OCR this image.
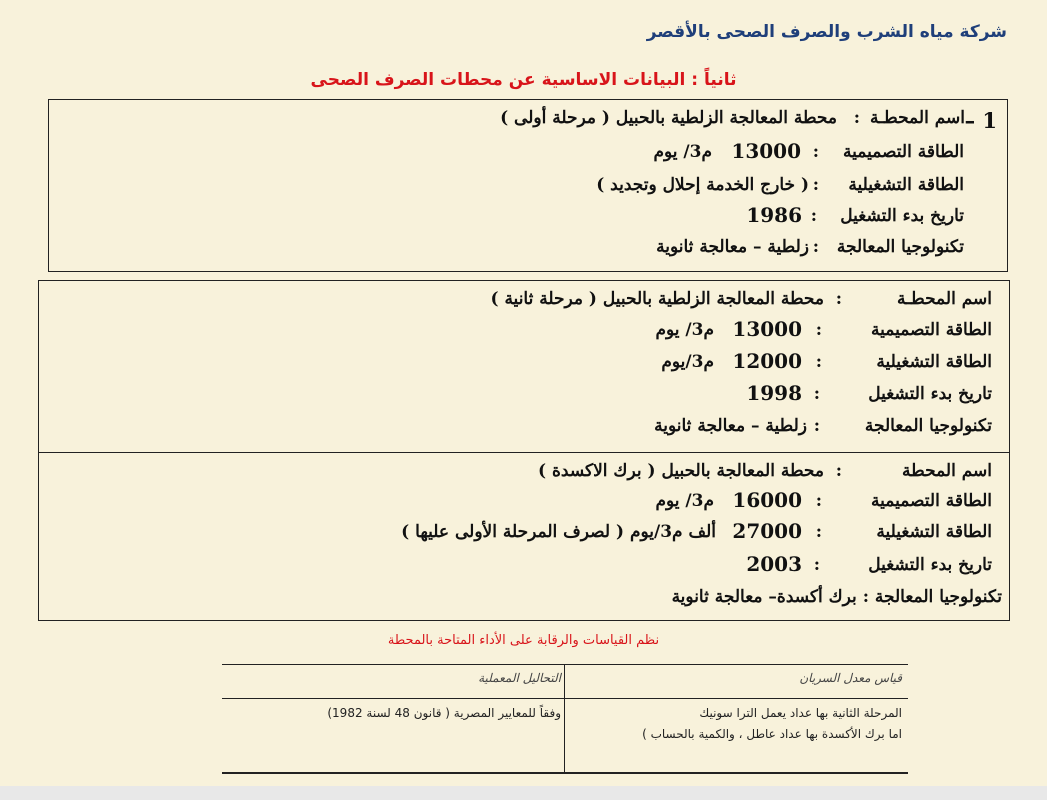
شركة مياه الشرب والصرف الصحى بالأقصر
ثانياً : البيانات الاساسية عن محطات الصرف الصحى
1 –
اسم المحطـة
:
محطة المعالجة الزلطية بالحبيل ( مرحلة أولى )
الطاقة التصميمية
:
13000
م3/ يوم
الطاقة التشغيلية
:
( خارج الخدمة إحلال وتجديد )
تاريخ بدء التشغيل
:
1986
تكنولوجيا المعالجة
:
زلطية – معالجة ثانوية
اسم المحطـة
:
محطة المعالجة الزلطية بالحبيل ( مرحلة ثانية )
الطاقة التصميمية
:
13000
م3/ يوم
الطاقة التشغيلية
:
12000
م3/يوم
تاريخ بدء التشغيل
:
1998
تكنولوجيا المعالجة
:
زلطية – معالجة ثانوية
اسم المحطة
:
محطة المعالجة بالحبيل ( برك الاكسدة )
الطاقة التصميمية
:
16000
م3/ يوم
الطاقة التشغيلية
:
27000
ألف م3/يوم ( لصرف المرحلة الأولى عليها )
تاريخ بدء التشغيل
:
2003
تكنولوجيا المعالجة : برك أكسدة– معالجة ثانوية
نظم القياسات والرقابة على الأداء المتاحة بالمحطة
قياس معدل السريان
التحاليل المعملية
المرحلة الثانية بها عداد يعمل الترا سونيك
اما برك الأكسدة بها عداد عاطل ، والكمية بالحساب )
وفقاً للمعايير المصرية ( قانون 48 لسنة 1982)
